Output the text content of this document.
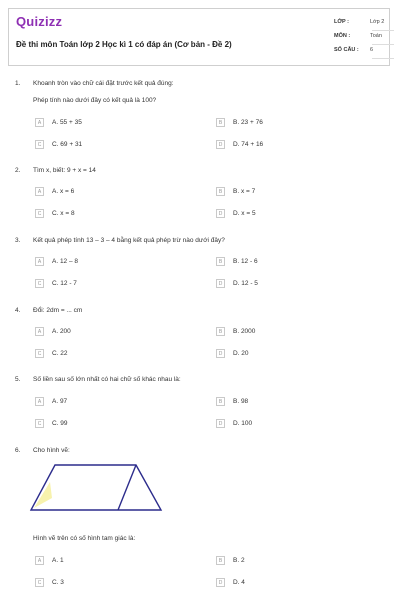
Quizizz
Đề thi môn Toán lớp 2 Học kì 1 có đáp án (Cơ bản - Đề 2)
LỚP :	Lớp 2
MÔN :	Toán
SỐ CÂU : 6
1. Khoanh tròn vào chữ cái đặt trước kết quả đúng:
Phép tính nào dưới đây có kết quả là 100?
A	A. 55 + 35	B	B. 23 + 76
C	C. 69 + 31	D	D. 74 + 16
2. Tìm x, biết: 9 + x = 14
A	A. x = 6	B	B. x = 7
C	C. x = 8	D	D. x = 5
3. Kết quả phép tính 13 – 3 – 4 bằng kết quả phép trừ nào dưới đây?
A	A. 12 – 8	B	B. 12 - 6
C	C. 12 - 7	D	D. 12 - 5
4. Đổi: 2dm = ... cm
A	A. 200	B	B. 2000
C	C. 22	D	D. 20
5. Số liền sau số lớn nhất có hai chữ số khác nhau là:
A	A. 97	B	B. 98
C	C. 99	D	D. 100
6. Cho hình vẽ:
Hình vẽ trên có số hình tam giác là:
A	A. 1	B	B. 2
C	C. 3	D	D. 4
